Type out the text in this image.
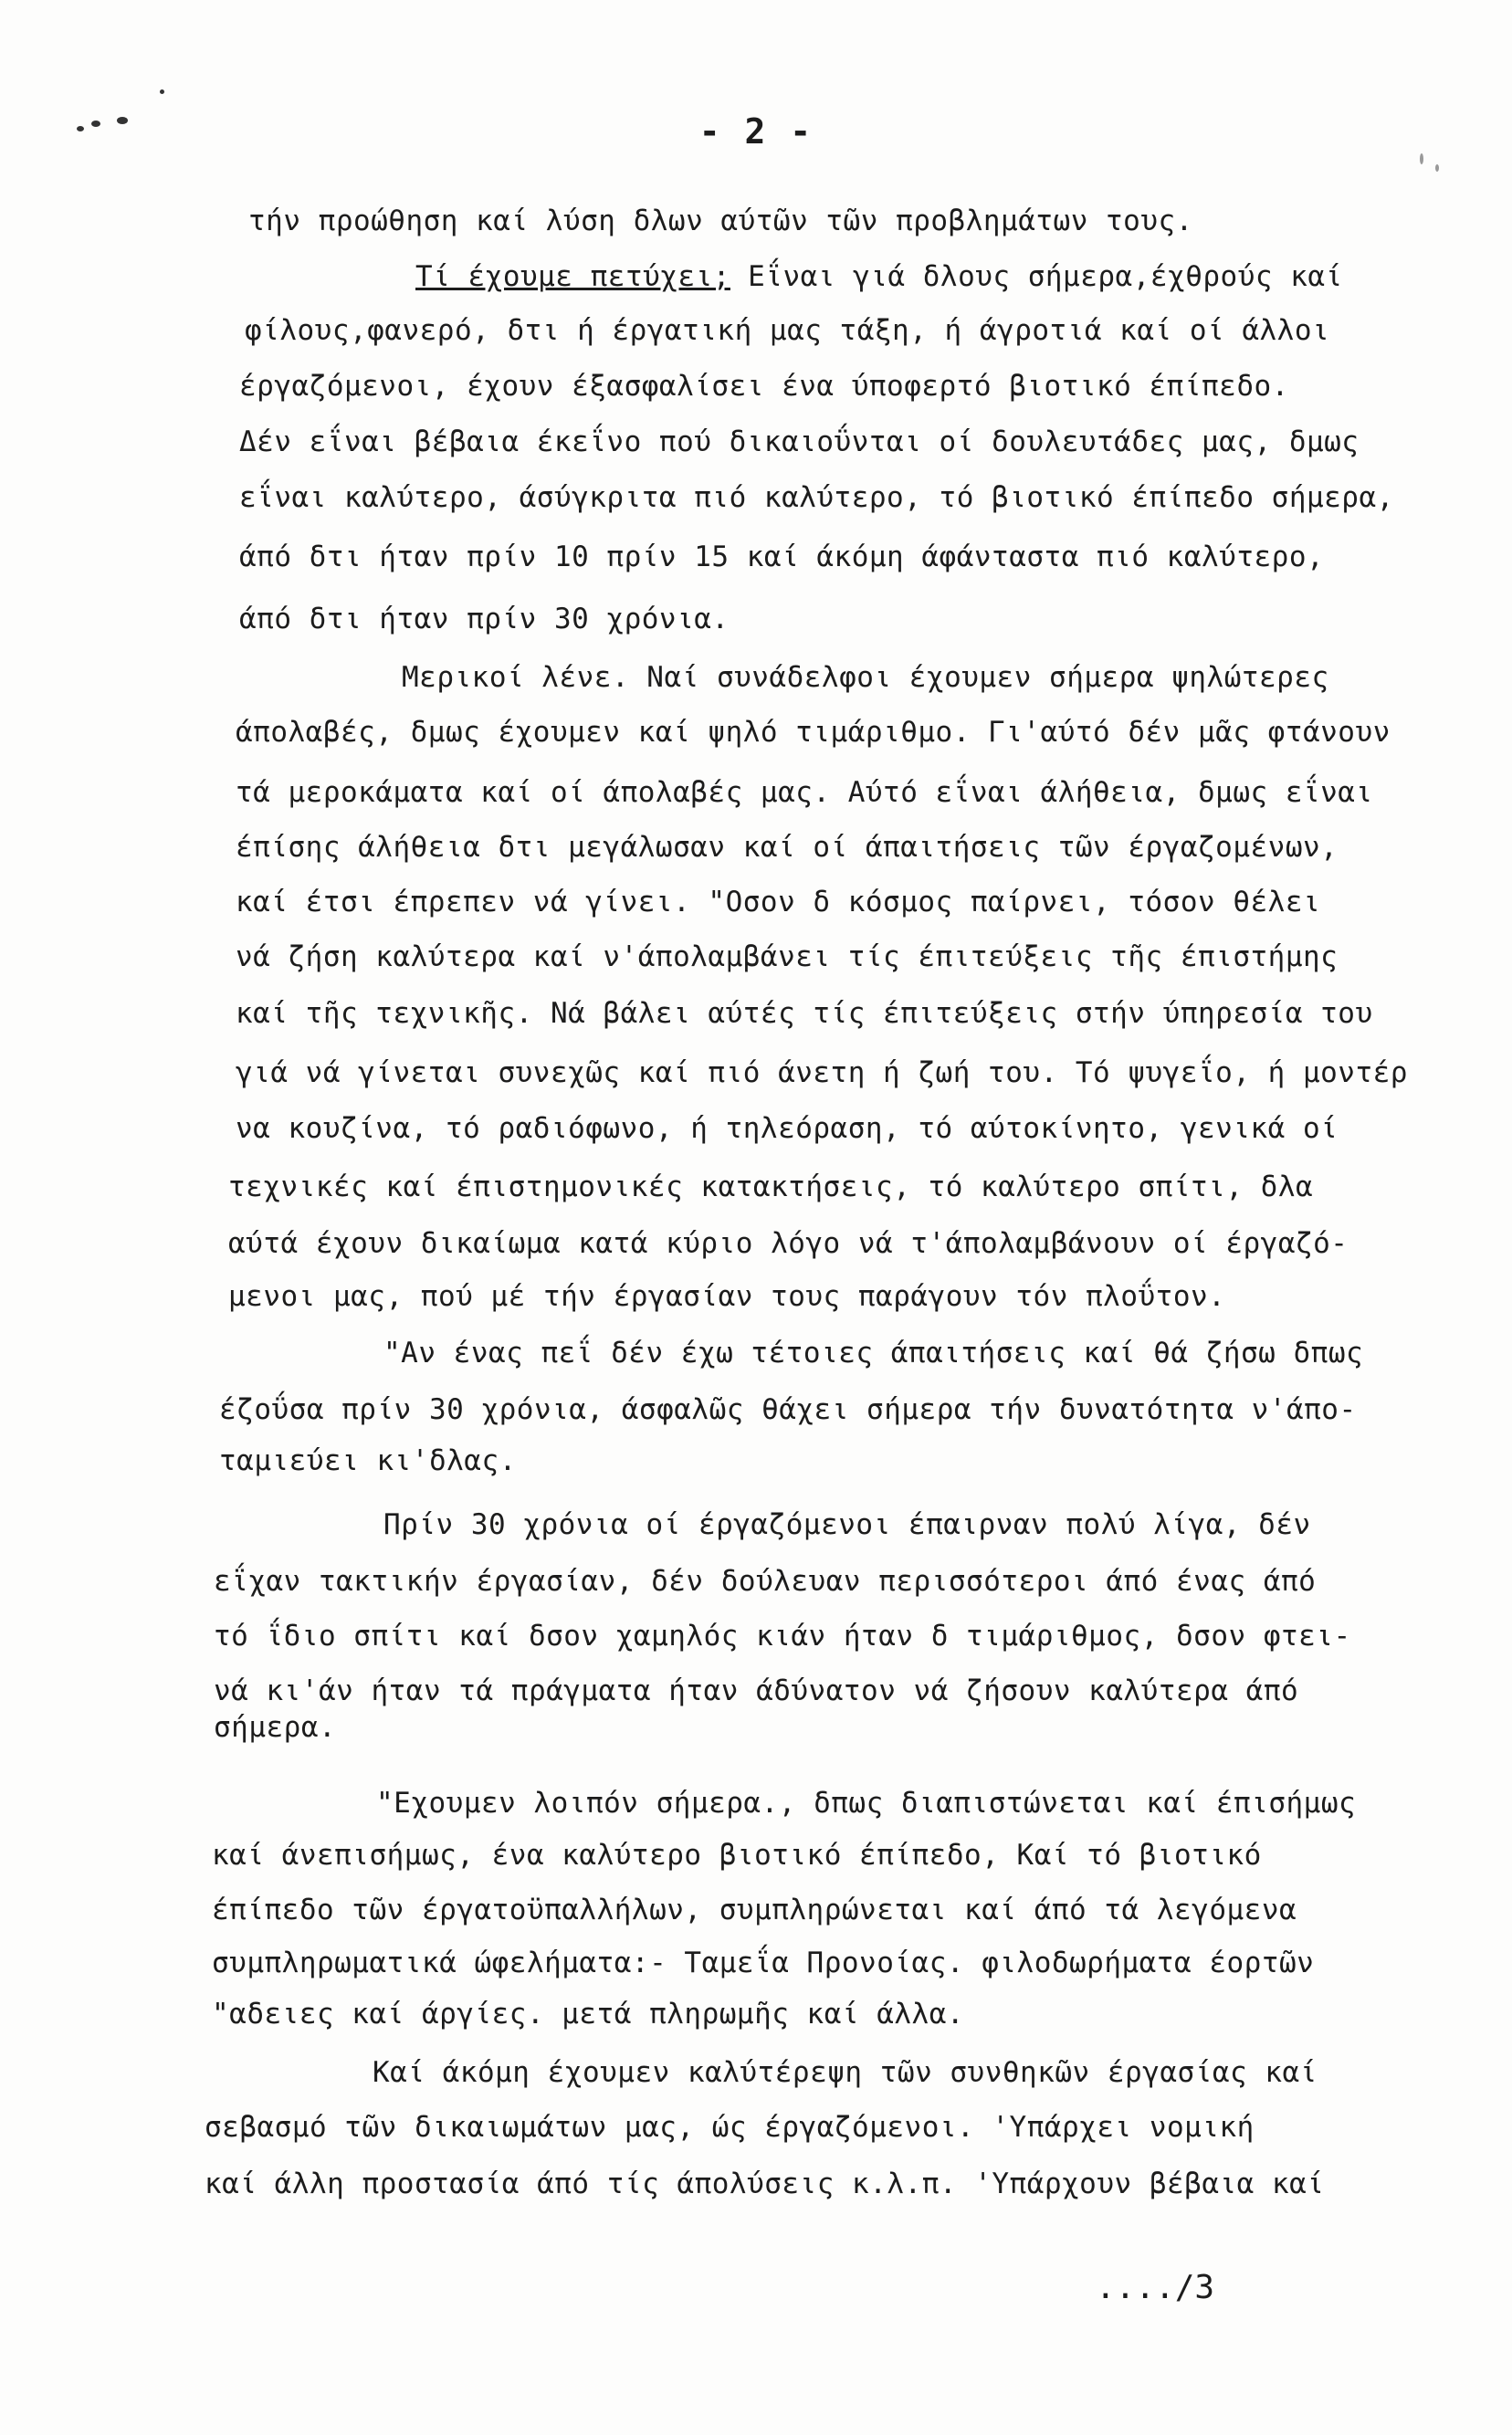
- 2 -
τήν προώθηση καί λύση δλων αύτῶν τῶν προβλημάτων τους.
Τί έχουμε πετύχει; Εΐναι γιά δλους σήμερα,έχθρούς καί
φίλους,φανερό, δτι ή έργατική μας τάξη, ή άγροτιά καί οί άλλοι
έργαζόμενοι, έχουν έξασφαλίσει ένα ύποφερτό βιοτικό έπίπεδο.
Δέν εΐναι βέβαια έκεΐνο πού δικαιοΰνται οί δουλευτάδες μας, δμως
εΐναι καλύτερο, άσύγκριτα πιό καλύτερο, τό βιοτικό έπίπεδο σήμερα,
άπό δτι ήταν πρίν 10 πρίν 15 καί άκόμη άφάνταστα πιό καλύτερο,
άπό δτι ήταν πρίν 30 χρόνια.
Μερικοί λένε. Ναί συνάδελφοι έχουμεν σήμερα ψηλώτερες
άπολαβές, δμως έχουμεν καί ψηλό τιμάριθμο. Γι'αύτό δέν μᾶς φτάνουν
τά μεροκάματα καί οί άπολαβές μας. Αύτό εΐναι άλήθεια, δμως εΐναι
έπίσης άλήθεια δτι μεγάλωσαν καί οί άπαιτήσεις τῶν έργαζομένων,
καί έτσι έπρεπεν νά γίνει. "Οσον δ κόσμος παίρνει, τόσον θέλει
νά ζήση καλύτερα καί ν'άπολαμβάνει τίς έπιτεύξεις τῆς έπιστήμης
καί τῆς τεχνικῆς. Νά βάλει αύτές τίς έπιτεύξεις στήν ύπηρεσία του
γιά νά γίνεται συνεχῶς καί πιό άνετη ή ζωή του. Τό ψυγεΐο, ή μοντέρ
να κουζίνα, τό ραδιόφωνο, ή τηλεόραση, τό αύτοκίνητο, γενικά οί
τεχνικές καί έπιστημονικές κατακτήσεις, τό καλύτερο σπίτι, δλα
αύτά έχουν δικαίωμα κατά κύριο λόγο νά τ'άπολαμβάνουν οί έργαζό-
μενοι μας, πού μέ τήν έργασίαν τους παράγουν τόν πλοΰτον.
"Αν ένας πεΐ δέν έχω τέτοιες άπαιτήσεις καί θά ζήσω δπως
έζοΰσα πρίν 30 χρόνια, άσφαλῶς θάχει σήμερα τήν δυνατότητα ν'άπο-
ταμιεύει κι'δλας.
Πρίν 30 χρόνια οί έργαζόμενοι έπαιρναν πολύ λίγα, δέν
εΐχαν τακτικήν έργασίαν, δέν δούλευαν περισσότεροι άπό ένας άπό
τό ΐδιο σπίτι καί δσον χαμηλός κιάν ήταν δ τιμάριθμος, δσον φτει-
νά κι'άν ήταν τά πράγματα ήταν άδύνατον νά ζήσουν καλύτερα άπό
σήμερα.
"Εχουμεν λοιπόν σήμερα., δπως διαπιστώνεται καί έπισήμως
καί άνεπισήμως, ένα καλύτερο βιοτικό έπίπεδο, Καί τό βιοτικό
έπίπεδο τῶν έργατοϋπαλλήλων, συμπληρώνεται καί άπό τά λεγόμενα
συμπληρωματικά ώφελήματα:- Ταμεΐα Προνοίας. φιλοδωρήματα έορτῶν
"αδειες καί άργίες. μετά πληρωμῆς καί άλλα.
Καί άκόμη έχουμεν καλύτέρεψη τῶν συνθηκῶν έργασίας καί
σεβασμό τῶν δικαιωμάτων μας, ώς έργαζόμενοι. 'Υπάρχει νομική
καί άλλη προστασία άπό τίς άπολύσεις κ.λ.π. 'Υπάρχουν βέβαια καί
..../3
